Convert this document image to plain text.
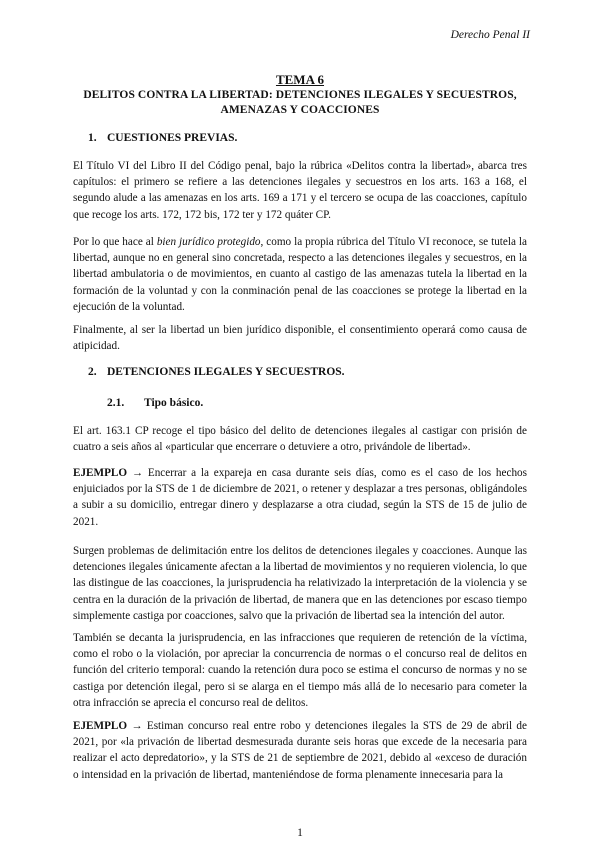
Derecho Penal II
TEMA 6
DELITOS CONTRA LA LIBERTAD: DETENCIONES ILEGALES Y SECUESTROS, AMENAZAS Y COACCIONES
1. CUESTIONES PREVIAS.
El Título VI del Libro II del Código penal, bajo la rúbrica «Delitos contra la libertad», abarca tres capítulos: el primero se refiere a las detenciones ilegales y secuestros en los arts. 163 a 168, el segundo alude a las amenazas en los arts. 169 a 171 y el tercero se ocupa de las coacciones, capítulo que recoge los arts. 172, 172 bis, 172 ter y 172 quáter CP.
Por lo que hace al bien jurídico protegido, como la propia rúbrica del Título VI reconoce, se tutela la libertad, aunque no en general sino concretada, respecto a las detenciones ilegales y secuestros, en la libertad ambulatoria o de movimientos, en cuanto al castigo de las amenazas tutela la libertad en la formación de la voluntad y con la conminación penal de las coacciones se protege la libertad en la ejecución de la voluntad.
Finalmente, al ser la libertad un bien jurídico disponible, el consentimiento operará como causa de atipicidad.
2. DETENCIONES ILEGALES Y SECUESTROS.
2.1. Tipo básico.
El art. 163.1 CP recoge el tipo básico del delito de detenciones ilegales al castigar con prisión de cuatro a seis años al «particular que encerrare o detuviere a otro, privándole de libertad».
EJEMPLO → Encerrar a la expareja en casa durante seis días, como es el caso de los hechos enjuiciados por la STS de 1 de diciembre de 2021, o retener y desplazar a tres personas, obligándoles a subir a su domicilio, entregar dinero y desplazarse a otra ciudad, según la STS de 15 de julio de 2021.
Surgen problemas de delimitación entre los delitos de detenciones ilegales y coacciones. Aunque las detenciones ilegales únicamente afectan a la libertad de movimientos y no requieren violencia, lo que las distingue de las coacciones, la jurisprudencia ha relativizado la interpretación de la violencia y se centra en la duración de la privación de libertad, de manera que en las detenciones por escaso tiempo simplemente castiga por coacciones, salvo que la privación de libertad sea la intención del autor.
También se decanta la jurisprudencia, en las infracciones que requieren de retención de la víctima, como el robo o la violación, por apreciar la concurrencia de normas o el concurso real de delitos en función del criterio temporal: cuando la retención dura poco se estima el concurso de normas y no se castiga por detención ilegal, pero si se alarga en el tiempo más allá de lo necesario para cometer la otra infracción se aprecia el concurso real de delitos.
EJEMPLO → Estiman concurso real entre robo y detenciones ilegales la STS de 29 de abril de 2021, por «la privación de libertad desmesurada durante seis horas que excede de la necesaria para realizar el acto depredatorio», y la STS de 21 de septiembre de 2021, debido al «exceso de duración o intensidad en la privación de libertad, manteniéndose de forma plenamente innecesaria para la
1
